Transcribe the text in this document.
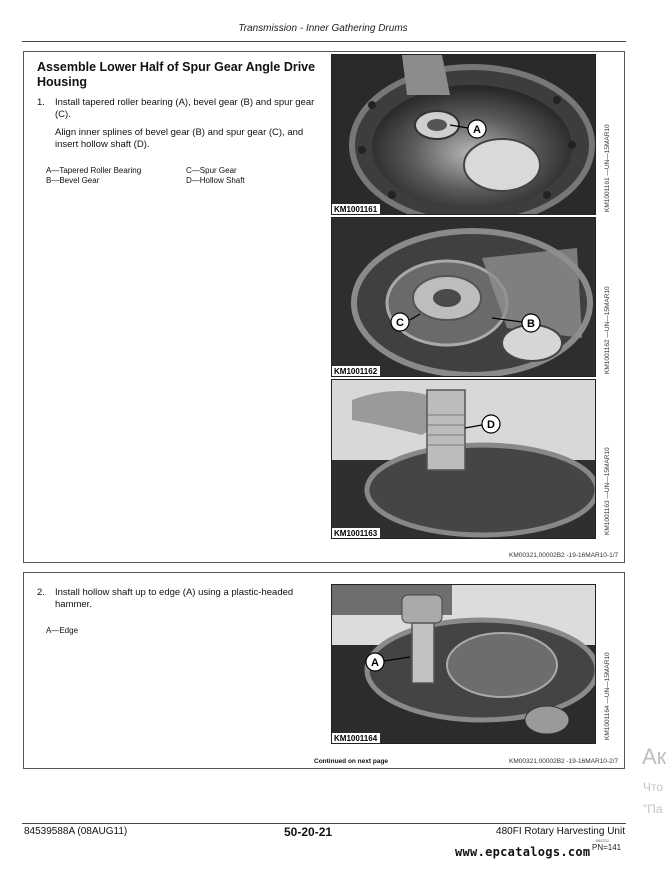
Transmission - Inner Gathering Drums
Assemble Lower Half of Spur Gear Angle Drive Housing
1.	Install tapered roller bearing (A), bevel gear (B) and spur gear (C).
Align inner splines of bevel gear (B) and spur gear (C), and insert hollow shaft (D).
A—Tapered Roller Bearing
B—Bevel Gear
C—Spur Gear
D—Hollow Shaft
A
KM1001161	KM1001161 —UN—15MAR10
C	B
KM1001162	KM1001162 —UN—15MAR10
D
KM1001163	KM1001163 —UN—15MAR10
KM00321,00002B2 -19-16MAR10-1/7
2.	Install hollow shaft up to edge (A) using a plastic-headed hammer.
A—Edge
A
KM1001164	KM1001164 —UN—15MAR10
Continued on next page	KM00321,00002B2 -19-16MAR10-2/7 Ак
Что
"Па
84539588A (08AUG11)	50-20-21	480FI Rotary Harvesting Unit
081211
PN=141
www.epcatalogs.com
